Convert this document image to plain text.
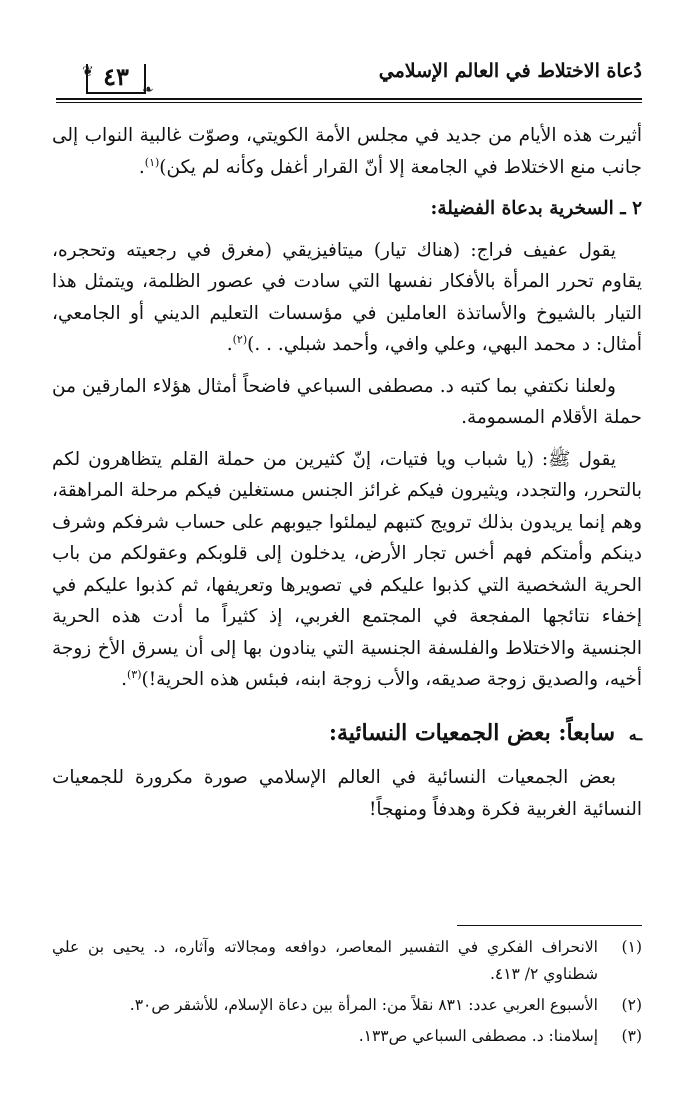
دُعاة الاختلاط في العالم الإسلامي
❦ ٤٣ ❧

أثيرت هذه الأيام من جديد في مجلس الأمة الكويتي، وصوّت غالبية النواب إلى جانب منع الاختلاط في الجامعة إلا أنّ القرار أغفل وكأنه لم يكن)$^{(١)}$.

٢ ـ السخرية بدعاة الفضيلة:

يقول عفيف فراج: (هناك تيار) ميتافيزيقي (مغرق في رجعيته وتحجره، يقاوم تحرر المرأة بالأفكار نفسها التي سادت في عصور الظلمة، ويتمثل هذا التيار بالشيوخ والأساتذة العاملين في مؤسسات التعليم الديني أو الجامعي، أمثال: د محمد البهي، وعلي وافي، وأحمد شبلي. . .)$^{(٢)}$.

ولعلنا نكتفي بما كتبه د. مصطفى السباعي فاضحاً أمثال هؤلاء المارقين من حملة الأقلام المسمومة.

يقول ﷺ: (يا شباب ويا فتيات، إنّ كثيرين من حملة القلم يتظاهرون لكم بالتحرر، والتجدد، ويثيرون فيكم غرائز الجنس مستغلين فيكم مرحلة المراهقة، وهم إنما يريدون بذلك ترويج كتبهم ليملئوا جيوبهم على حساب شرفكم وشرف دينكم وأمتكم فهم أخس تجار الأرض، يدخلون إلى قلوبكم وعقولكم من باب الحرية الشخصية التي كذبوا عليكم في تصويرها وتعريفها، ثم كذبوا عليكم في إخفاء نتائجها المفجعة في المجتمع الغربي، إذ كثيراً ما أدت هذه الحرية الجنسية والاختلاط والفلسفة الجنسية التي ينادون بها إلى أن يسرق الأخ زوجة أخيه، والصديق زوجة صديقه، والأب زوجة ابنه، فبئس هذه الحرية!)$^{(٣)}$.

ـه سابعاً: بعض الجمعيات النسائية:

بعض الجمعيات النسائية في العالم الإسلامي صورة مكرورة للجمعيات النسائية الغربية فكرة وهدفاً ومنهجاً!

(١)
الانحراف الفكري في التفسير المعاصر، دوافعه ومجالاته وآثاره، د. يحيى بن علي شطناوي ٢/ ٤١٣.
(٢)
الأسبوع العربي عدد: ٨٣١ نقلاً من: المرأة بين دعاة الإسلام، للأشقر ص٣٠.
(٣)
إسلامنا: د. مصطفى السباعي ص١٣٣.
